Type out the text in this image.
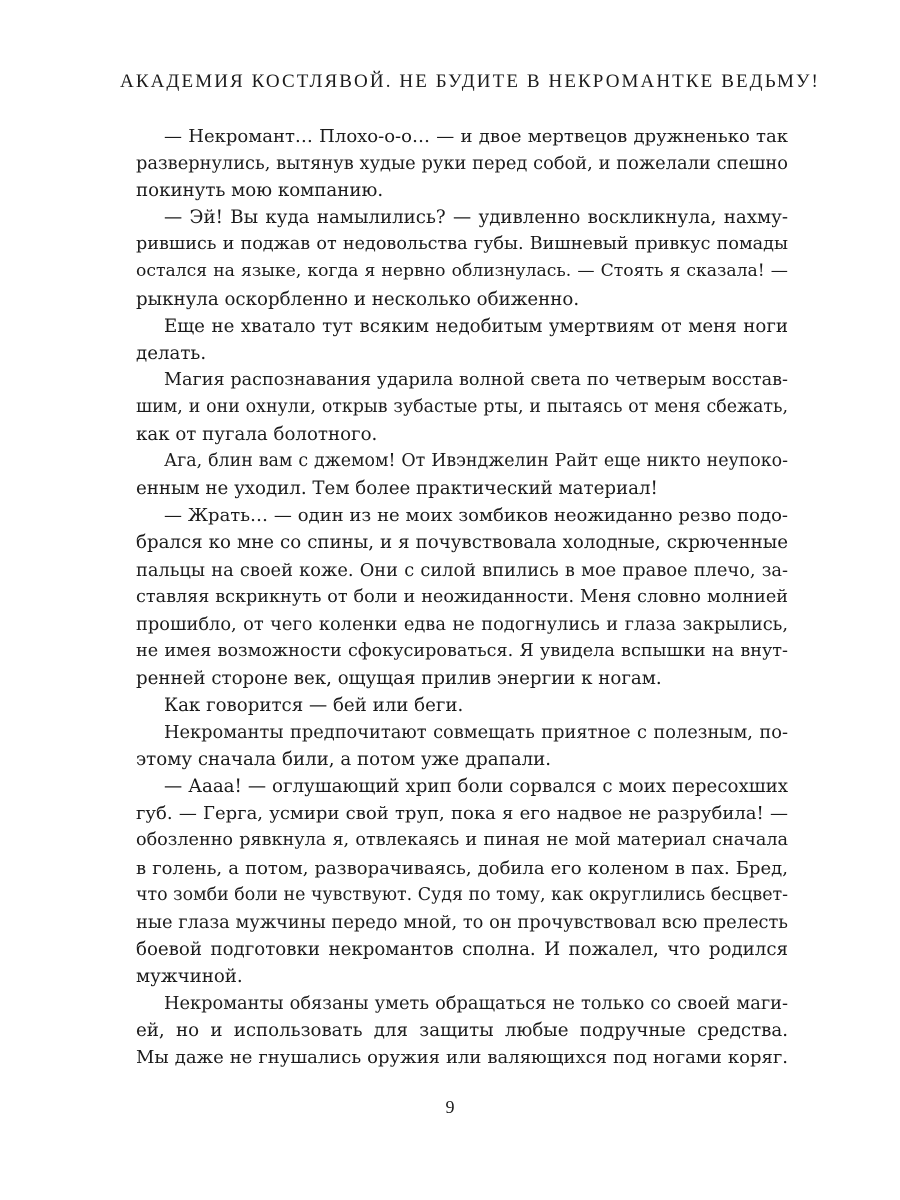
АКАДЕМИЯ КОСТЛЯВОЙ. НЕ БУДИТЕ В НЕКРОМАНТКЕ ВЕДЬМУ!
— Некромант… Плохо-о-о… — и двое мертвецов дружненько так
развернулись, вытянув худые руки перед собой, и пожелали спешно
покинуть мою компанию.
— Эй! Вы куда намылились? — удивленно воскликнула, нахму-
рившись и поджав от недовольства губы. Вишневый привкус помады
остался на языке, когда я нервно облизнулась. — Стоять я сказала! —
рыкнула оскорбленно и несколько обиженно.
Еще не хватало тут всяким недобитым умертвиям от меня ноги
делать.
Магия распознавания ударила волной света по четверым восстав-
шим, и они охнули, открыв зубастые рты, и пытаясь от меня сбежать,
как от пугала болотного.
Ага, блин вам с джемом! От Ивэнджелин Райт еще никто неупоко-
енным не уходил. Тем более практический материал!
— Жрать… — один из не моих зомбиков неожиданно резво подо-
брался ко мне со спины, и я почувствовала холодные, скрюченные
пальцы на своей коже. Они с силой впились в мое правое плечо, за-
ставляя вскрикнуть от боли и неожиданности. Меня словно молнией
прошибло, от чего коленки едва не подогнулись и глаза закрылись,
не имея возможности сфокусироваться. Я увидела вспышки на внут-
ренней стороне век, ощущая прилив энергии к ногам.
Как говорится — бей или беги.
Некроманты предпочитают совмещать приятное с полезным, по-
этому сначала били, а потом уже драпали.
— Аааа! — оглушающий хрип боли сорвался с моих пересохших
губ. — Герга, усмири свой труп, пока я его надвое не разрубила! —
обозленно рявкнула я, отвлекаясь и пиная не мой материал сначала
в голень, а потом, разворачиваясь, добила его коленом в пах. Бред,
что зомби боли не чувствуют. Судя по тому, как округлились бесцвет-
ные глаза мужчины передо мной, то он прочувствовал всю прелесть
боевой подготовки некромантов сполна. И пожалел, что родился
мужчиной.
Некроманты обязаны уметь обращаться не только со своей маги-
ей, но и использовать для защиты любые подручные средства.
Мы даже не гнушались оружия или валяющихся под ногами коряг.
9
